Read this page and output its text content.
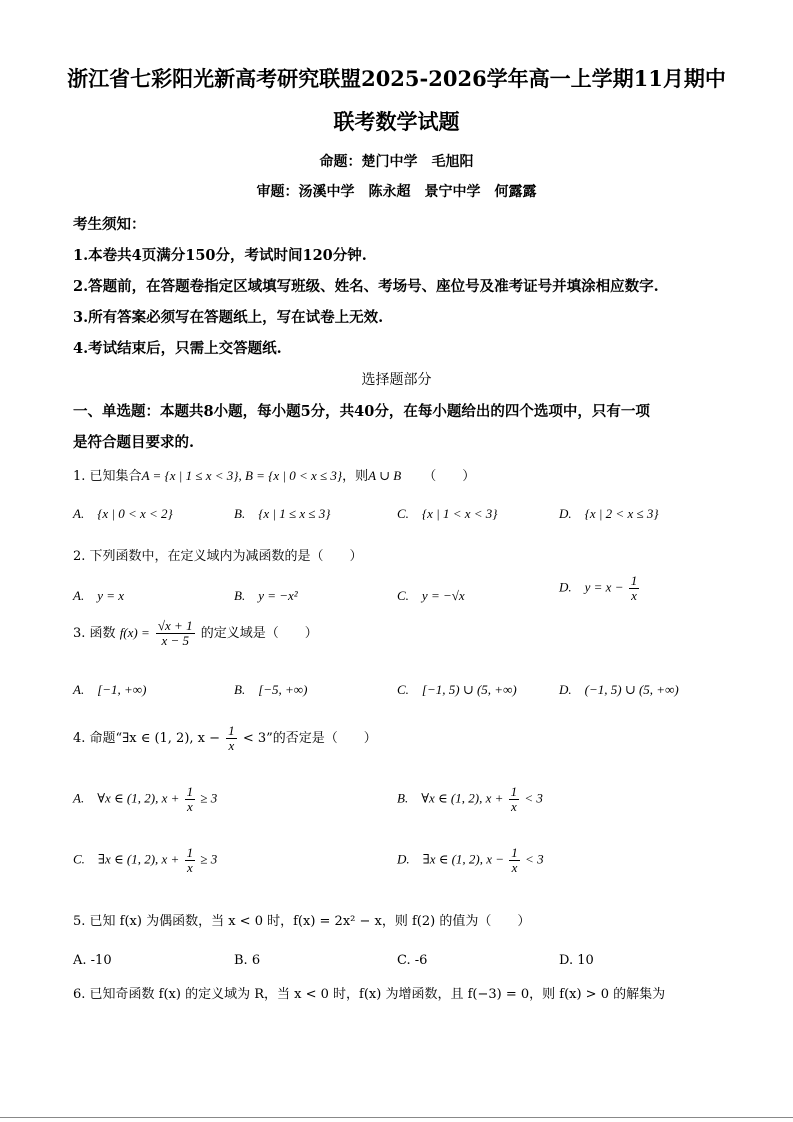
浙江省七彩阳光新高考研究联盟2025-2026学年高一上学期11月期中
联考数学试题
命题：楚门中学　毛旭阳
审题：汤溪中学　陈永超　景宁中学　何露露
考生须知：
1.本卷共4页满分150分，考试时间120分钟.
2.答题前，在答题卷指定区域填写班级、姓名、考场号、座位号及准考证号并填涂相应数字.
3.所有答案必须写在答题纸上，写在试卷上无效.
4.考试结束后，只需上交答题纸.
选择题部分
一、单选题：本题共8小题，每小题5分，共40分，在每小题给出的四个选项中，只有一项
是符合题目要求的.
1. 已知集合A = {x | 1 ≤ x < 3}, B = {x | 0 < x ≤ 3}，则A ∪ B （　　）
A.　{x | 0 < x < 2}	B.　{x | 1 ≤ x ≤ 3}	C.　{x | 1 < x < 3}	D.　{x | 2 < x ≤ 3}
2. 下列函数中，在定义域内为减函数的是（　　）
A.　y = x	B.　y = −x²	C.　y = −√x
D.　$y = x - \frac{1}{x}$
3. 函数 $f(x) = \frac{√x + 1}{x - 5}$ 的定义域是（　　）
A.　[−1, +∞)	B.　[−5, +∞)	C.　[−1, 5) ∪ (5, +∞)	D.　(−1, 5) ∪ (5, +∞)
4. 命题“∃x ∈ (1, 2), $x - \frac{1}{x} < 3$”的否定是（　　）
A.　∀x ∈ (1, 2), $x + \frac{1}{x} \ge 3$	B.　∀x ∈ (1, 2), $x + \frac{1}{x} < 3$
C.　∃x ∈ (1, 2), $x + \frac{1}{x} \ge 3$	D.　∃x ∈ (1, 2), $x - \frac{1}{x} < 3$
5. 已知 f(x) 为偶函数，当 x < 0 时，f(x) = 2x² − x，则 f(2) 的值为（　　）
A. -10	B. 6	C. -6	D. 10
6. 已知奇函数 f(x) 的定义域为 R，当 x < 0 时，f(x) 为增函数，且 f(−3) = 0，则 f(x) > 0 的解集为
